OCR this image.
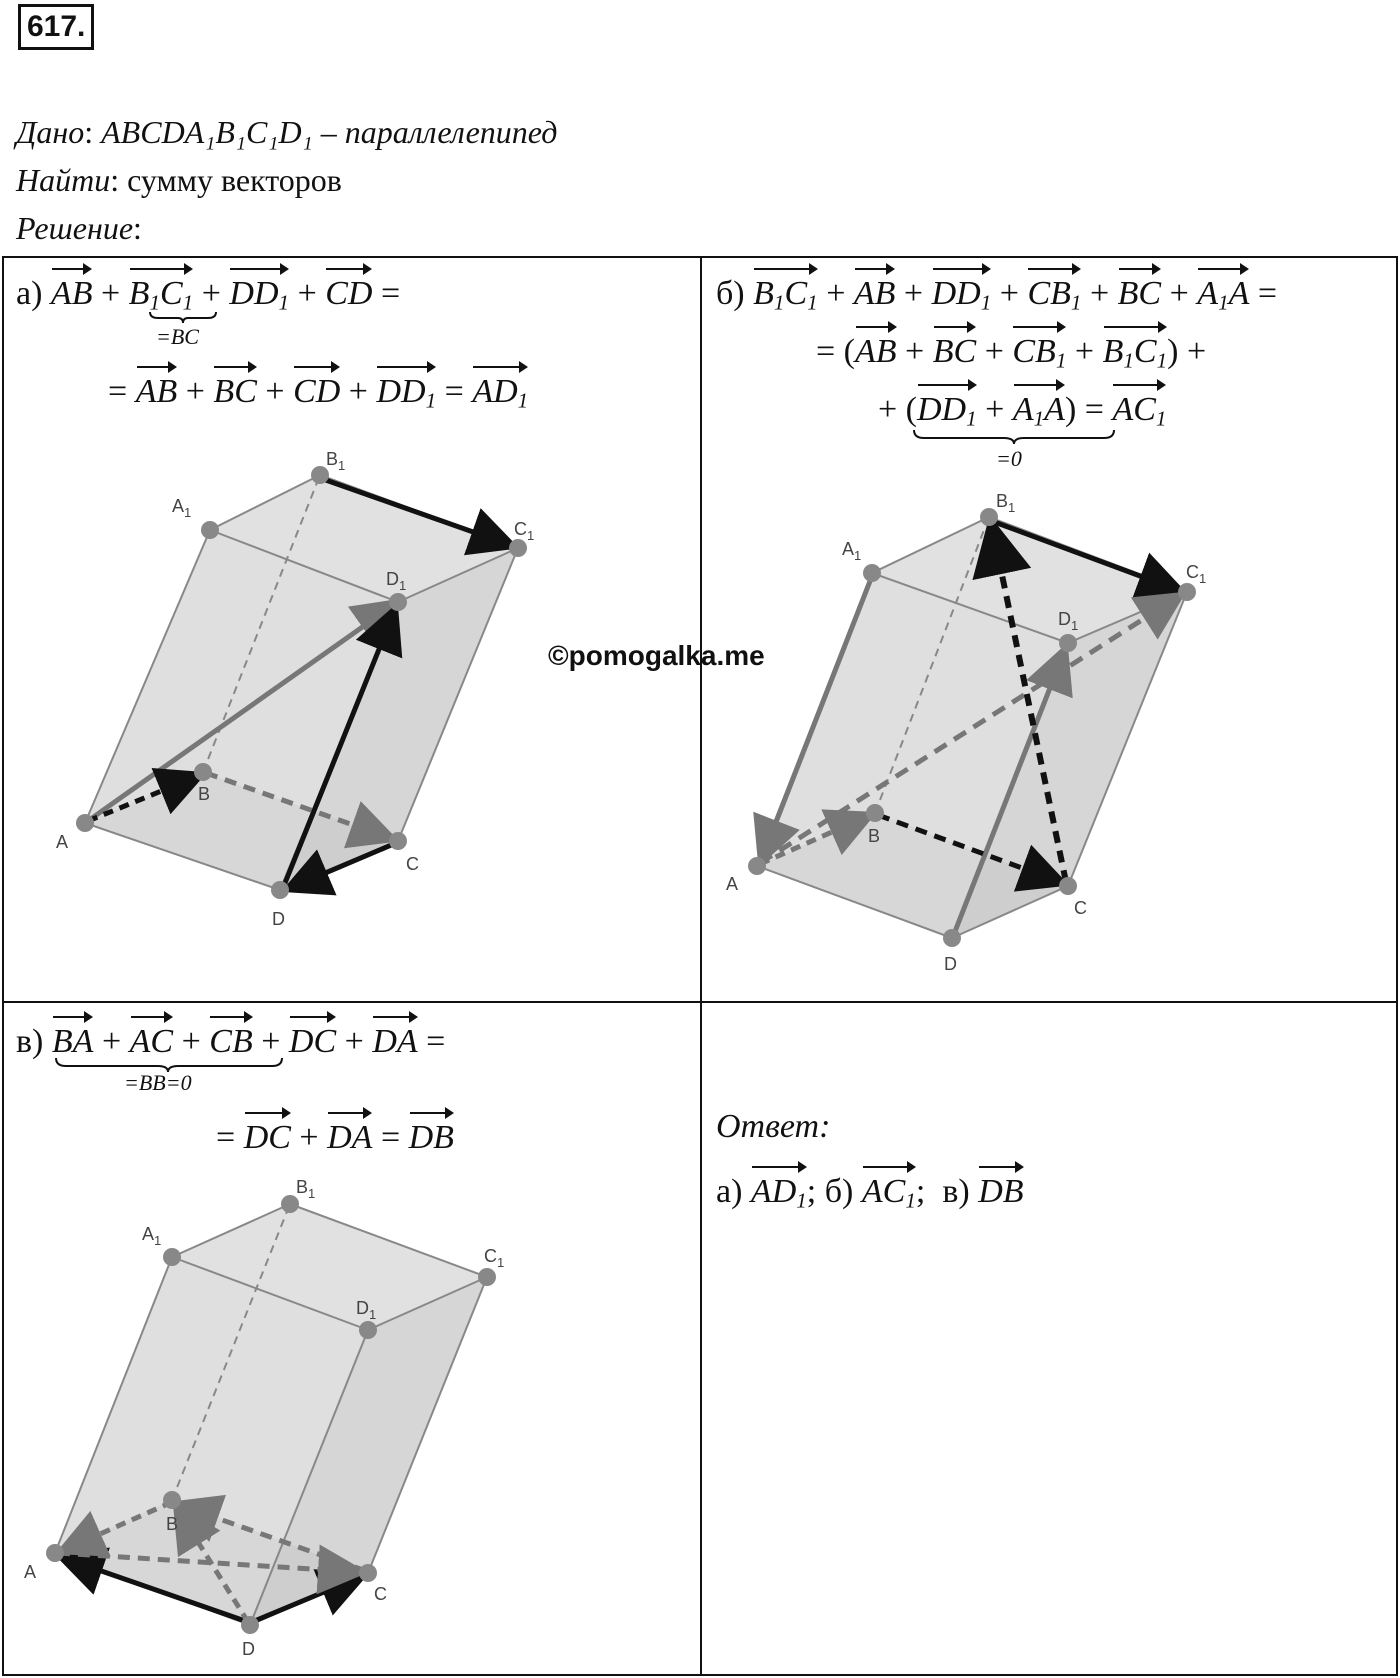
617.
Дано: ABCDA₁B₁C₁D₁ – параллелепипед
Найти: сумму векторов
Решение:
а) AB + $B_1C_1 + DD_1$ + CD =
=BC
= AB + BC + CD + $DD_1 = AD_1$
A
B
C
D
$A_1$
$B_1$
$C_1$
$D_1$
©pomogalka.me
б) $B_1C_1$ + AB + $DD_1 + CB_1$ + BC + $A_1A$ =
= (AB + BC + $CB_1 + B_1C_1$) +
+ $(DD_1 + A_1A) = AC_1$
=0
A
B
C
D
$A_1$
$B_1$
$C_1$
$D_1$
в) BA + AC + CB + DC + DA =
=BB=0
= DC + DA = DB
A
B
C
D
$A_1$
$B_1$
$C_1$
$D_1$
Ответ:
а) $AD_1$; б) $AC_1$;  в) DB
